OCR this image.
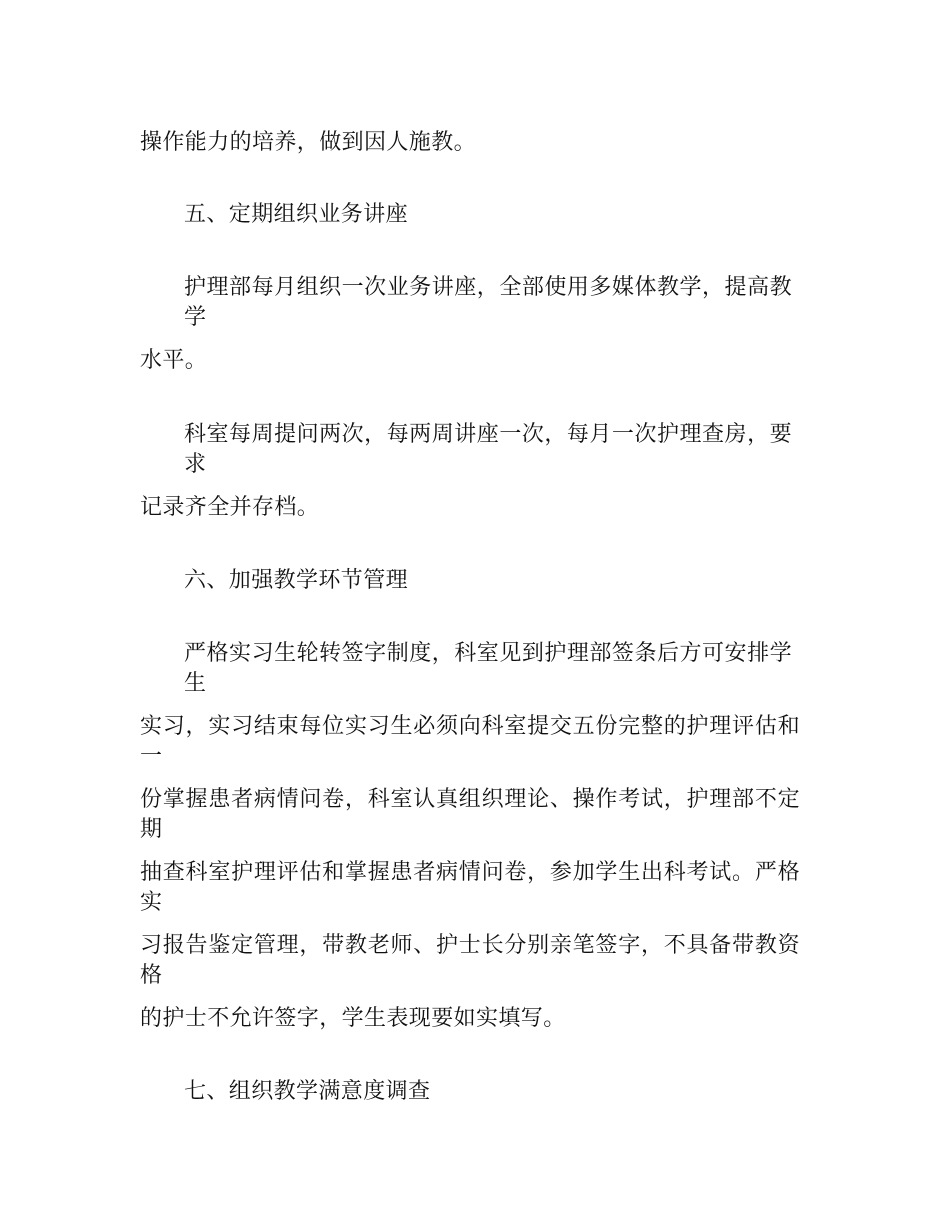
操作能力的培养，做到因人施教。
五、定期组织业务讲座
护理部每月组织一次业务讲座，全部使用多媒体教学，提高教学
水平。
科室每周提问两次，每两周讲座一次，每月一次护理查房，要求
记录齐全并存档。
六、加强教学环节管理
严格实习生轮转签字制度，科室见到护理部签条后方可安排学生
实习，实习结束每位实习生必须向科室提交五份完整的护理评估和一
份掌握患者病情问卷，科室认真组织理论、操作考试，护理部不定期
抽查科室护理评估和掌握患者病情问卷，参加学生出科考试。严格实
习报告鉴定管理，带教老师、护士长分别亲笔签字，不具备带教资格
的护士不允许签字，学生表现要如实填写。
七、组织教学满意度调查
